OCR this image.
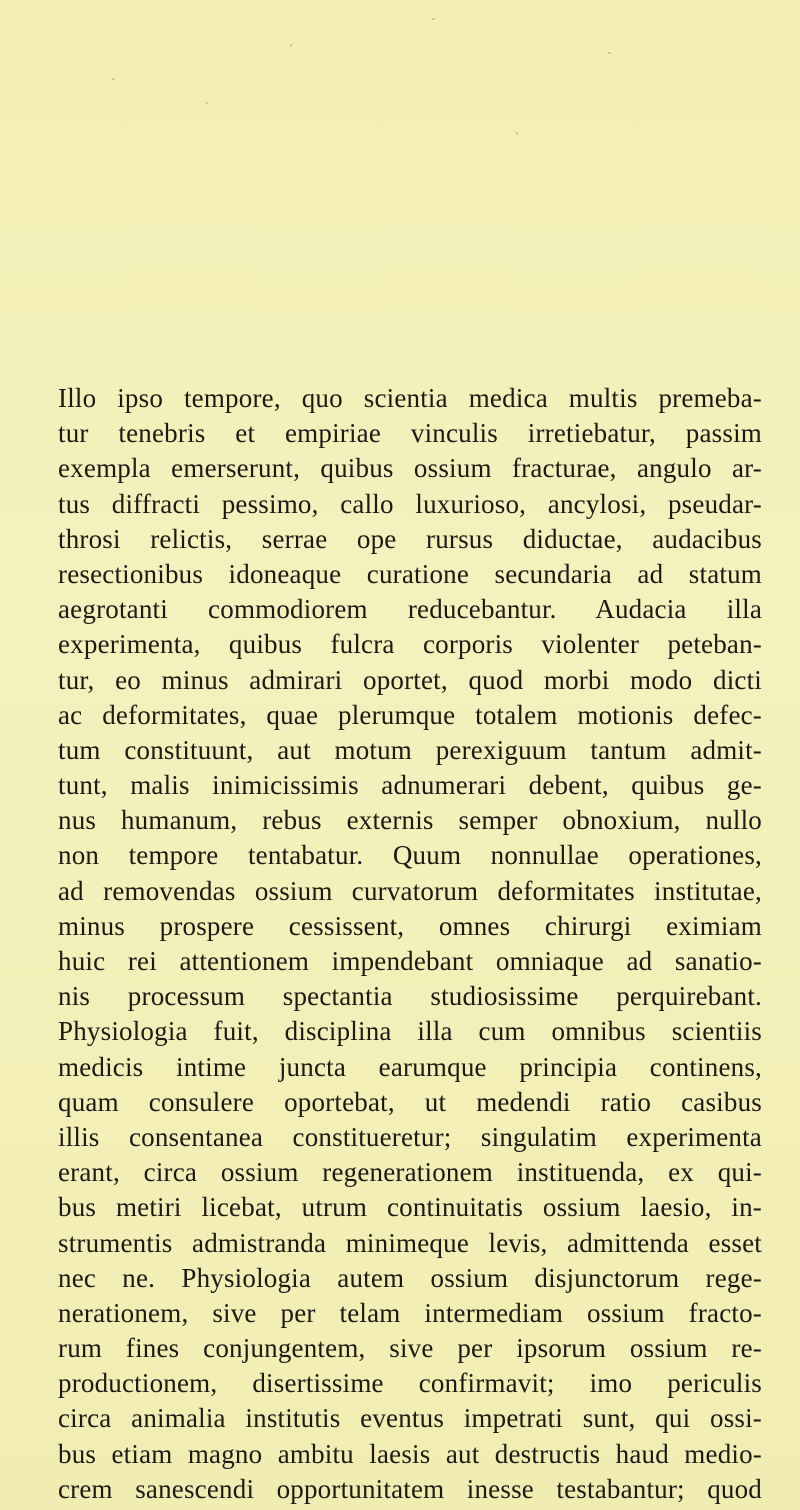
Illo ipso tempore, quo scientia medica multis premeba-
tur tenebris et empiriae vinculis irretiebatur, passim
exempla emerserunt, quibus ossium fracturae, angulo ar-
tus diffracti pessimo, callo luxurioso, ancylosi, pseudar-
throsi relictis, serrae ope rursus diductae, audacibus
resectionibus idoneaque curatione secundaria ad statum
aegrotanti commodiorem reducebantur. Audacia illa
experimenta, quibus fulcra corporis violenter peteban-
tur, eo minus admirari oportet, quod morbi modo dicti
ac deformitates, quae plerumque totalem motionis defec-
tum constituunt, aut motum perexiguum tantum admit-
tunt, malis inimicissimis adnumerari debent, quibus ge-
nus humanum, rebus externis semper obnoxium, nullo
non tempore tentabatur. Quum nonnullae operationes,
ad removendas ossium curvatorum deformitates institutae,
minus prospere cessissent, omnes chirurgi eximiam
huic rei attentionem impendebant omniaque ad sanatio-
nis processum spectantia studiosissime perquirebant.
Physiologia fuit, disciplina illa cum omnibus scientiis
medicis intime juncta earumque principia continens,
quam consulere oportebat, ut medendi ratio casibus
illis consentanea constitueretur; singulatim experimenta
erant, circa ossium regenerationem instituenda, ex qui-
bus metiri licebat, utrum continuitatis ossium laesio, in-
strumentis admistranda minimeque levis, admittenda esset
nec ne. Physiologia autem ossium disjunctorum rege-
nerationem, sive per telam intermediam ossium fracto-
rum fines conjungentem, sive per ipsorum ossium re-
productionem, disertissime confirmavit; imo periculis
circa animalia institutis eventus impetrati sunt, qui ossi-
bus etiam magno ambitu laesis aut destructis haud medio-
crem sanescendi opportunitatem inesse testabantur; quod
